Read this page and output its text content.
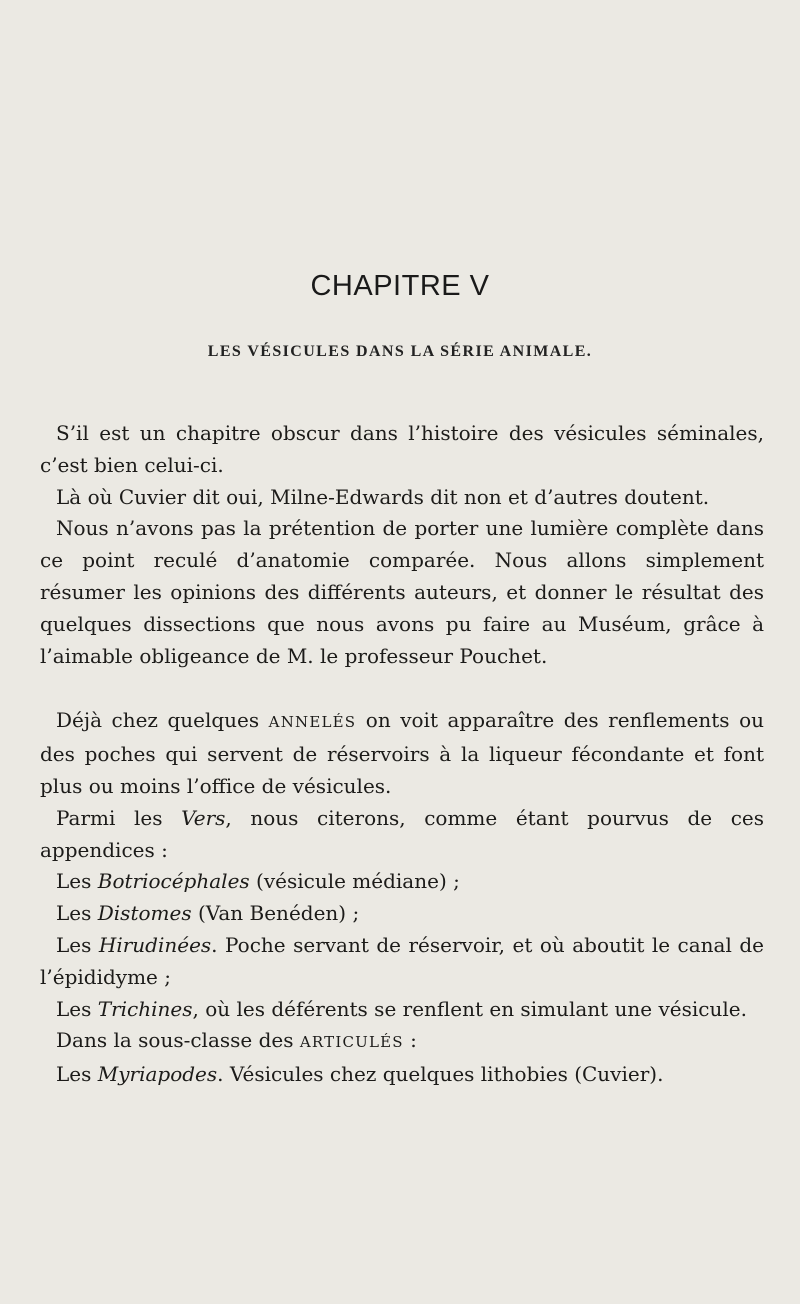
CHAPITRE V
LES VÉSICULES DANS LA SÉRIE ANIMALE.

S’il est un chapitre obscur dans l’histoire des vésicules séminales, c’est bien celui-ci.

Là où Cuvier dit oui, Milne-Edwards dit non et d’autres doutent.

Nous n’avons pas la prétention de porter une lumière complète dans ce point reculé d’anatomie comparée. Nous allons simplement résumer les opinions des différents auteurs, et donner le résultat des quelques dissections que nous avons pu faire au Muséum, grâce à l’aimable obligeance de M. le professeur Pouchet.

Déjà chez quelques ANNELÉS on voit apparaître des renflements ou des poches qui servent de réservoirs à la liqueur fécondante et font plus ou moins l’office de vésicules.

Parmi les Vers, nous citerons, comme étant pourvus de ces appendices :

Les Botriocéphales (vésicule médiane) ;

Les Distomes (Van Benéden) ;

Les Hirudinées. Poche servant de réservoir, et où aboutit le canal de l’épididyme ;

Les Trichines, où les déférents se renflent en simulant une vésicule.

Dans la sous-classe des ARTICULÉS :

Les Myriapodes. Vésicules chez quelques lithobies (Cuvier).
